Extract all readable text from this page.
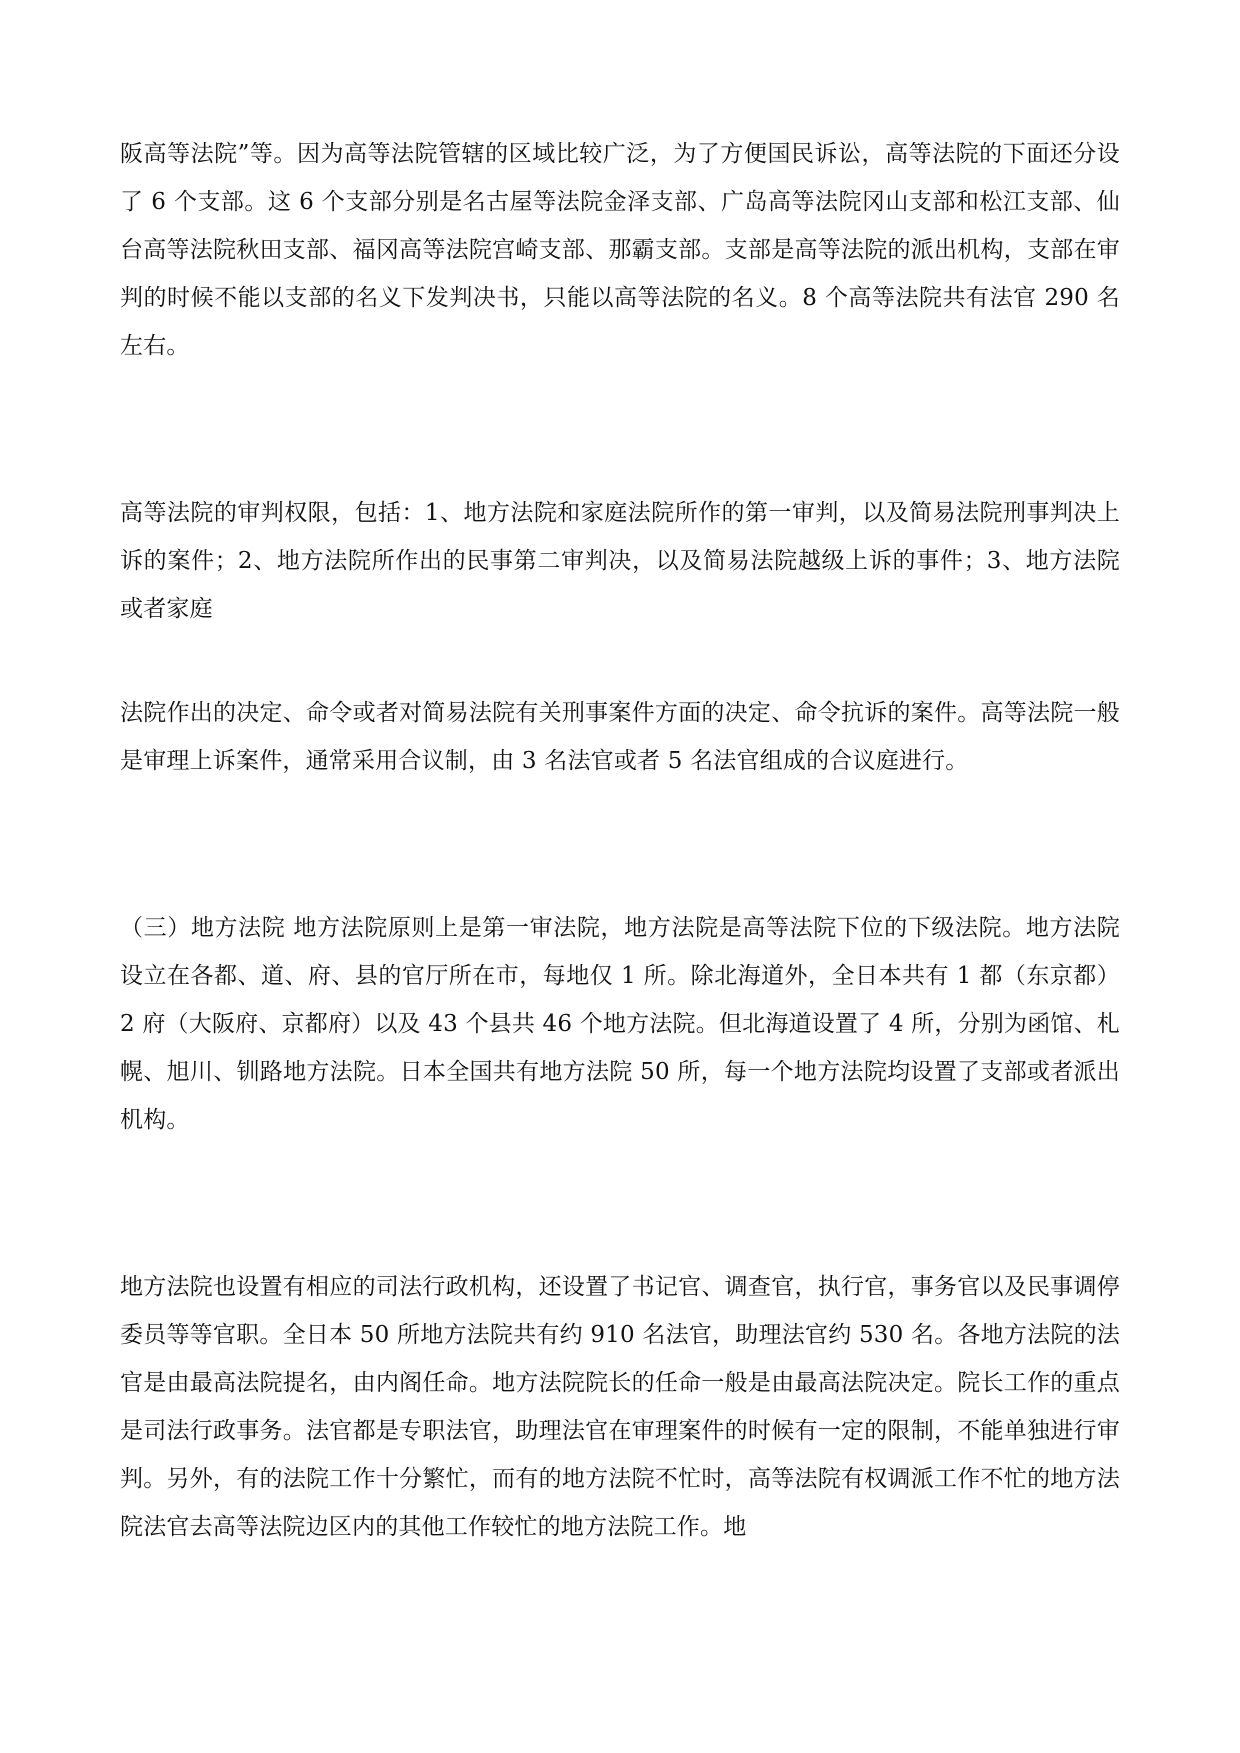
阪高等法院”等。因为高等法院管辖的区域比较广泛，为了方便国民诉讼，高等法院的下面还分设了 6 个支部。这 6 个支部分别是名古屋等法院金泽支部、广岛高等法院冈山支部和松江支部、仙台高等法院秋田支部、福冈高等法院宫崎支部、那霸支部。支部是高等法院的派出机构，支部在审判的时候不能以支部的名义下发判决书，只能以高等法院的名义。8 个高等法院共有法官 290 名左右。

高等法院的审判权限，包括：1、地方法院和家庭法院所作的第一审判，以及简易法院刑事判决上诉的案件；2、地方法院所作出的民事第二审判决，以及简易法院越级上诉的事件；3、地方法院或者家庭

法院作出的决定、命令或者对简易法院有关刑事案件方面的决定、命令抗诉的案件。高等法院一般是审理上诉案件，通常采用合议制，由 3 名法官或者 5 名法官组成的合议庭进行。

（三）地方法院 地方法院原则上是第一审法院，地方法院是高等法院下位的下级法院。地方法院设立在各都、道、府、县的官厅所在市，每地仅 1 所。除北海道外，全日本共有 1 都（东京都）2 府（大阪府、京都府）以及 43 个县共 46 个地方法院。但北海道设置了 4 所，分别为函馆、札幌、旭川、钏路地方法院。日本全国共有地方法院 50 所，每一个地方法院均设置了支部或者派出机构。

地方法院也设置有相应的司法行政机构，还设置了书记官、调查官，执行官，事务官以及民事调停委员等等官职。全日本 50 所地方法院共有约 910 名法官，助理法官约 530 名。各地方法院的法官是由最高法院提名，由内阁任命。地方法院院长的任命一般是由最高法院决定。院长工作的重点是司法行政事务。法官都是专职法官，助理法官在审理案件的时候有一定的限制，不能单独进行审判。另外，有的法院工作十分繁忙，而有的地方法院不忙时，高等法院有权调派工作不忙的地方法院法官去高等法院边区内的其他工作较忙的地方法院工作。地
